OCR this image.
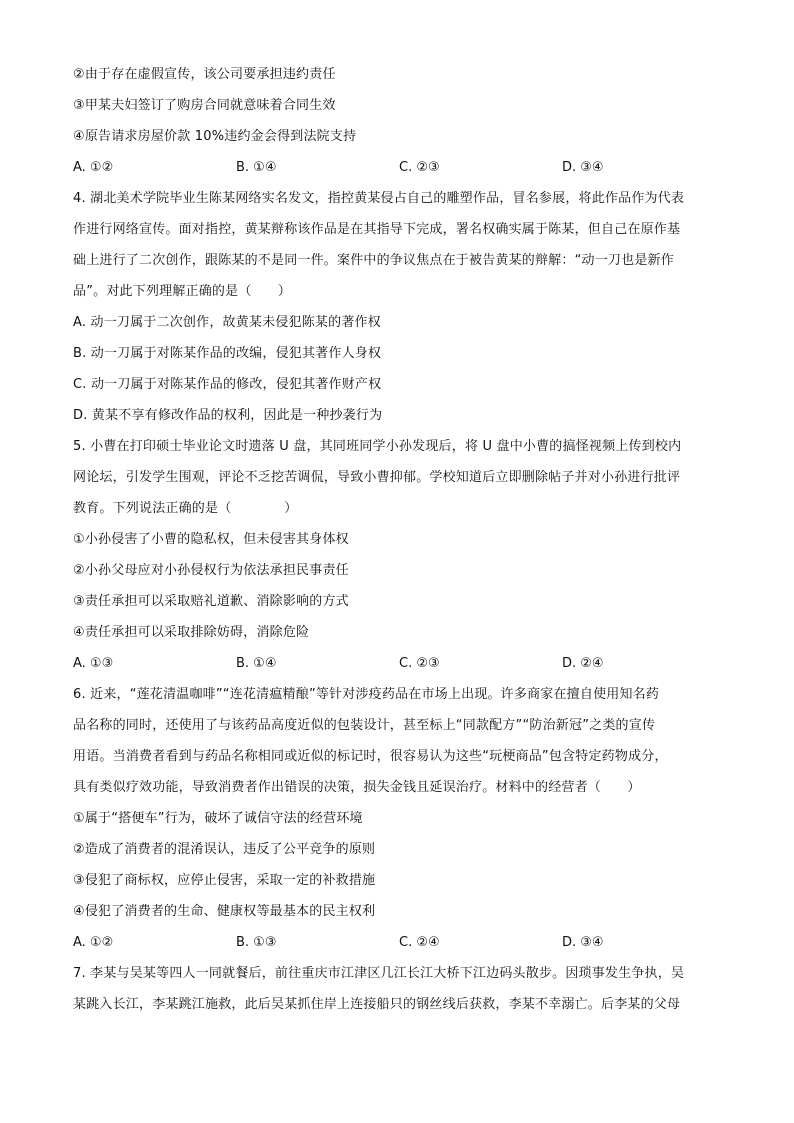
②由于存在虚假宣传，该公司要承担违约责任
③甲某夫妇签订了购房合同就意味着合同生效
④原告请求房屋价款 10%违约金会得到法院支持
A. ①②	B. ①④	C. ②③	D. ③④
4. 湖北美术学院毕业生陈某网络实名发文，指控黄某侵占自己的雕塑作品，冒名参展，将此作品作为代表
作进行网络宣传。面对指控，黄某辩称该作品是在其指导下完成，署名权确实属于陈某，但自己在原作基
础上进行了二次创作，跟陈某的不是同一件。案件中的争议焦点在于被告黄某的辩解：“动一刀也是新作
品”。对此下列理解正确的是（　　）
A. 动一刀属于二次创作，故黄某未侵犯陈某的著作权
B. 动一刀属于对陈某作品的改编，侵犯其著作人身权
C. 动一刀属于对陈某作品的修改，侵犯其著作财产权
D. 黄某不享有修改作品的权利，因此是一种抄袭行为
5. 小曹在打印硕士毕业论文时遗落 U 盘，其同班同学小孙发现后，将 U 盘中小曹的搞怪视频上传到校内
网论坛，引发学生围观，评论不乏挖苦调侃，导致小曹抑郁。学校知道后立即删除帖子并对小孙进行批评
教育。下列说法正确的是（　　　　）
①小孙侵害了小曹的隐私权，但未侵害其身体权
②小孙父母应对小孙侵权行为依法承担民事责任
③责任承担可以采取赔礼道歉、消除影响的方式
④责任承担可以采取排除妨碍，消除危险
A. ①③	B. ①④	C. ②③	D. ②④
6. 近来，“莲花清温咖啡”“连花清瘟精酿”等针对涉疫药品在市场上出现。许多商家在擅自使用知名药
品名称的同时，还使用了与该药品高度近似的包装设计，甚至标上“同款配方”“防治新冠”之类的宣传
用语。当消费者看到与药品名称相同或近似的标记时，很容易认为这些“玩梗商品”包含特定药物成分，
具有类似疗效功能，导致消费者作出错误的决策，损失金钱且延误治疗。材料中的经营者（　　）
①属于“搭便车”行为，破坏了诚信守法的经营环境
②造成了消费者的混淆误认，违反了公平竞争的原则
③侵犯了商标权，应停止侵害，采取一定的补救措施
④侵犯了消费者的生命、健康权等最基本的民主权利
A. ①②	B. ①③	C. ②④	D. ③④
7. 李某与吴某等四人一同就餐后，前往重庆市江津区几江长江大桥下江边码头散步。因琐事发生争执，吴
某跳入长江，李某跳江施救，此后吴某抓住岸上连接船只的钢丝线后获救，李某不幸溺亡。后李某的父母
